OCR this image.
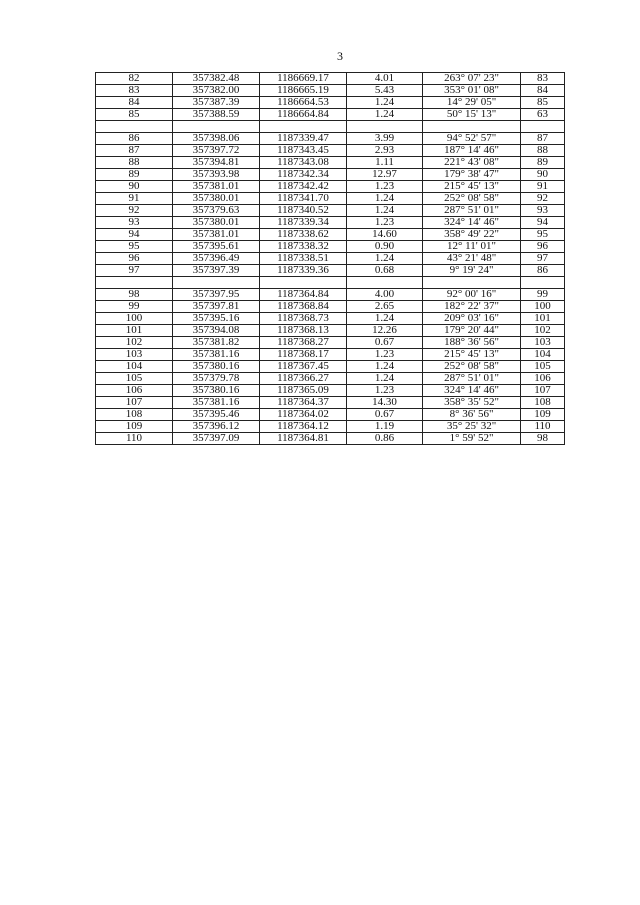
3
82	357382.48	1186669.17	4.01	263° 07' 23"	83
83	357382.00	1186665.19	5.43	353° 01' 08"	84
84	357387.39	1186664.53	1.24	14° 29' 05"	85
85	357388.59	1186664.84	1.24	50° 15' 13"	63

86	357398.06	1187339.47	3.99	94° 52' 57"	87
87	357397.72	1187343.45	2.93	187° 14' 46"	88
88	357394.81	1187343.08	1.11	221° 43' 08"	89
89	357393.98	1187342.34	12.97	179° 38' 47"	90
90	357381.01	1187342.42	1.23	215° 45' 13"	91
91	357380.01	1187341.70	1.24	252° 08' 58"	92
92	357379.63	1187340.52	1.24	287° 51' 01"	93
93	357380.01	1187339.34	1.23	324° 14' 46"	94
94	357381.01	1187338.62	14.60	358° 49' 22"	95
95	357395.61	1187338.32	0.90	12° 11' 01"	96
96	357396.49	1187338.51	1.24	43° 21' 48"	97
97	357397.39	1187339.36	0.68	9° 19' 24"	86

98	357397.95	1187364.84	4.00	92° 00' 16"	99
99	357397.81	1187368.84	2.65	182° 22' 37"	100
100	357395.16	1187368.73	1.24	209° 03' 16"	101
101	357394.08	1187368.13	12.26	179° 20' 44"	102
102	357381.82	1187368.27	0.67	188° 36' 56"	103
103	357381.16	1187368.17	1.23	215° 45' 13"	104
104	357380.16	1187367.45	1.24	252° 08' 58"	105
105	357379.78	1187366.27	1.24	287° 51' 01"	106
106	357380.16	1187365.09	1.23	324° 14' 46"	107
107	357381.16	1187364.37	14.30	358° 35' 52"	108
108	357395.46	1187364.02	0.67	8° 36' 56"	109
109	357396.12	1187364.12	1.19	35° 25' 32"	110
110	357397.09	1187364.81	0.86	1° 59' 52"	98
